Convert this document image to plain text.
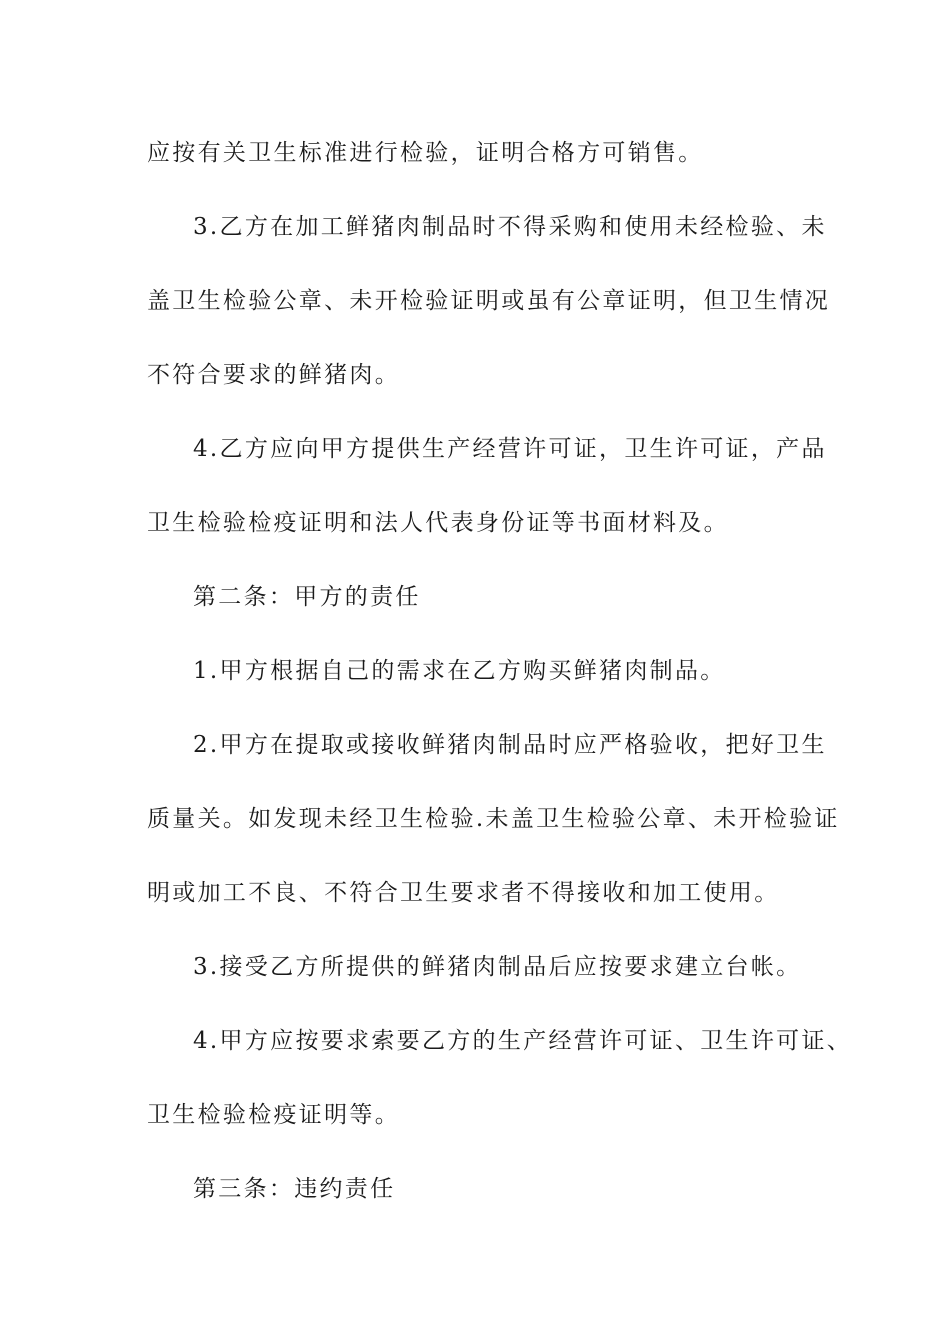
应按有关卫生标准进行检验，证明合格方可销售。

3.乙方在加工鲜猪肉制品时不得采购和使用未经检验、未

盖卫生检验公章、未开检验证明或虽有公章证明，但卫生情况

不符合要求的鲜猪肉。

4.乙方应向甲方提供生产经营许可证，卫生许可证，产品

卫生检验检疫证明和法人代表身份证等书面材料及。

第二条：甲方的责任

1.甲方根据自己的需求在乙方购买鲜猪肉制品。

2.甲方在提取或接收鲜猪肉制品时应严格验收，把好卫生

质量关。如发现未经卫生检验.未盖卫生检验公章、未开检验证

明或加工不良、不符合卫生要求者不得接收和加工使用。

3.接受乙方所提供的鲜猪肉制品后应按要求建立台帐。

4.甲方应按要求索要乙方的生产经营许可证、卫生许可证、

卫生检验检疫证明等。

第三条：违约责任
